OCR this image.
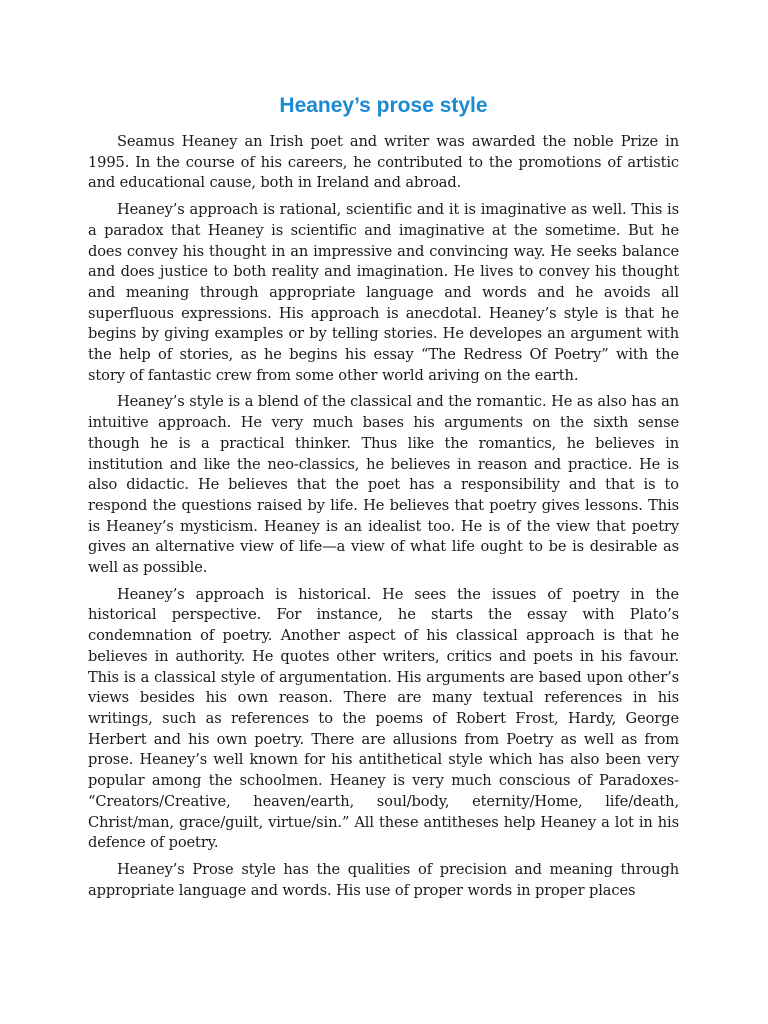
Heaney’s prose style

Seamus Heaney an Irish poet and writer was awarded the noble Prize in 1995. In the course of his careers, he contributed to the promotions of artistic and educational cause, both in Ireland and abroad.

Heaney’s approach is rational, scientific and it is imaginative as well. This is a paradox that Heaney is scientific and imaginative at the sometime. But he does convey his thought in an impressive and convincing way. He seeks balance and does justice to both reality and imagination. He lives to convey his thought and meaning through appropriate language and words and he avoids all superfluous expressions. His approach is anecdotal. Heaney’s style is that he begins by giving examples or by telling stories. He developes an argument with the help of stories, as he begins his essay “The Redress Of Poetry” with the story of fantastic crew from some other world ariving on the earth.

Heaney’s style is a blend of the classical and the romantic. He as also has an intuitive approach. He very much bases his arguments on the sixth sense though he is a practical thinker. Thus like the romantics, he believes in institution and like the neo-classics, he believes in reason and practice. He is also didactic. He believes that the poet has a responsibility and that is to respond the questions raised by life. He believes that poetry gives lessons. This is Heaney’s mysticism. Heaney is an idealist too. He is of the view that poetry gives an alternative view of life—a view of what life ought to be is desirable as well as possible.

Heaney’s approach is historical. He sees the issues of poetry in the historical perspective. For instance, he starts the essay with Plato’s condemnation of poetry. Another aspect of his classical approach is that he believes in authority. He quotes other writers, critics and poets in his favour. This is a classical style of argumentation. His arguments are based upon other’s views besides his own reason. There are many textual references in his writings, such as references to the poems of Robert Frost, Hardy, George Herbert and his own poetry. There are allusions from Poetry as well as from prose. Heaney’s well known for his antithetical style which has also been very popular among the schoolmen. Heaney is very much conscious of Paradoxes- “Creators/Creative, heaven/earth, soul/body, eternity/Home, life/death, Christ/man, grace/guilt, virtue/sin.” All these antitheses help Heaney a lot in his defence of poetry.

Heaney’s Prose style has the qualities of precision and meaning through appropriate language and words. His use of proper words in proper places
